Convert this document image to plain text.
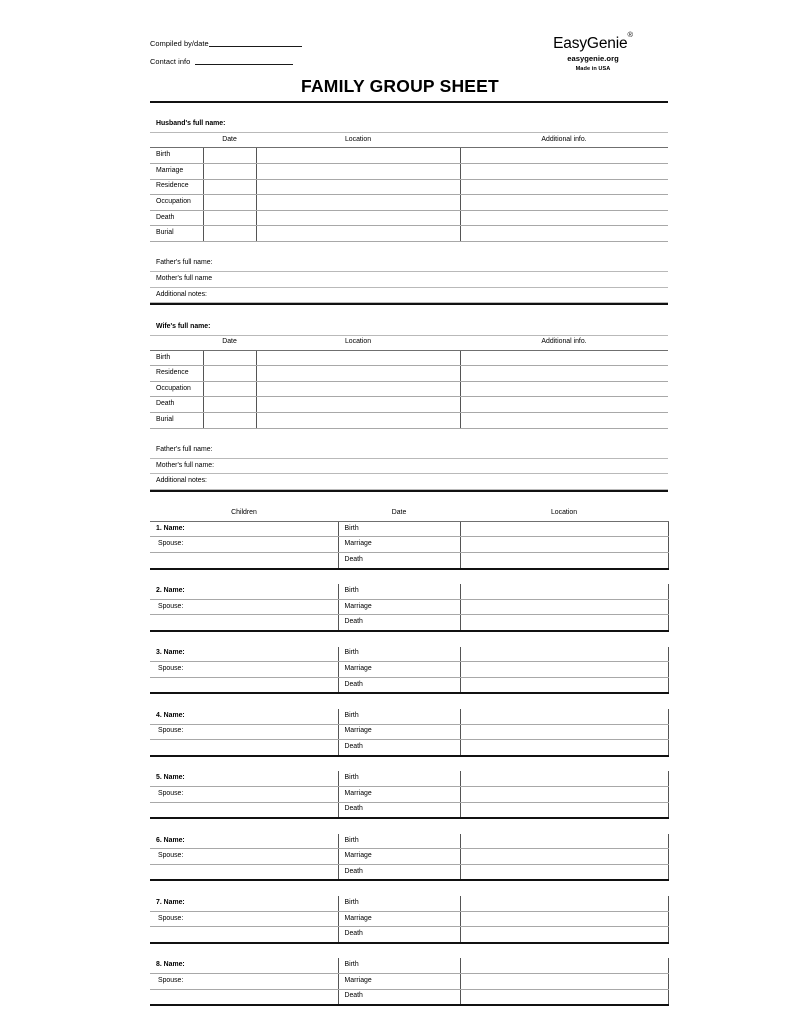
Compiled by/date
Contact info
EasyGenie®
easygenie.org
Made in USA
FAMILY GROUP SHEET

Husband's full name:			
	Date	Location	Additional info.
Birth			
Marriage			
Residence			
Occupation			
Death			
Burial			

Father's full name:			
Mother's full name			
Additional notes:			

Wife's full name:			
	Date	Location	Additional info.
Birth			
Residence			
Occupation			
Death			
Burial			

Father's full name:			
Mother's full name:			
Additional notes:			

Children	Date	Location
1. Name:	Birth	
Spouse:	Marriage	
	Death	

2. Name:	Birth	
Spouse:	Marriage	
	Death	

3. Name:	Birth	
Spouse:	Marriage	
	Death	

4. Name:	Birth	
Spouse:	Marriage	
	Death	

5. Name:	Birth	
Spouse:	Marriage	
	Death	

6. Name:	Birth	
Spouse:	Marriage	
	Death	

7. Name:	Birth	
Spouse:	Marriage	
	Death	

8. Name:	Birth	
Spouse:	Marriage	
	Death	
